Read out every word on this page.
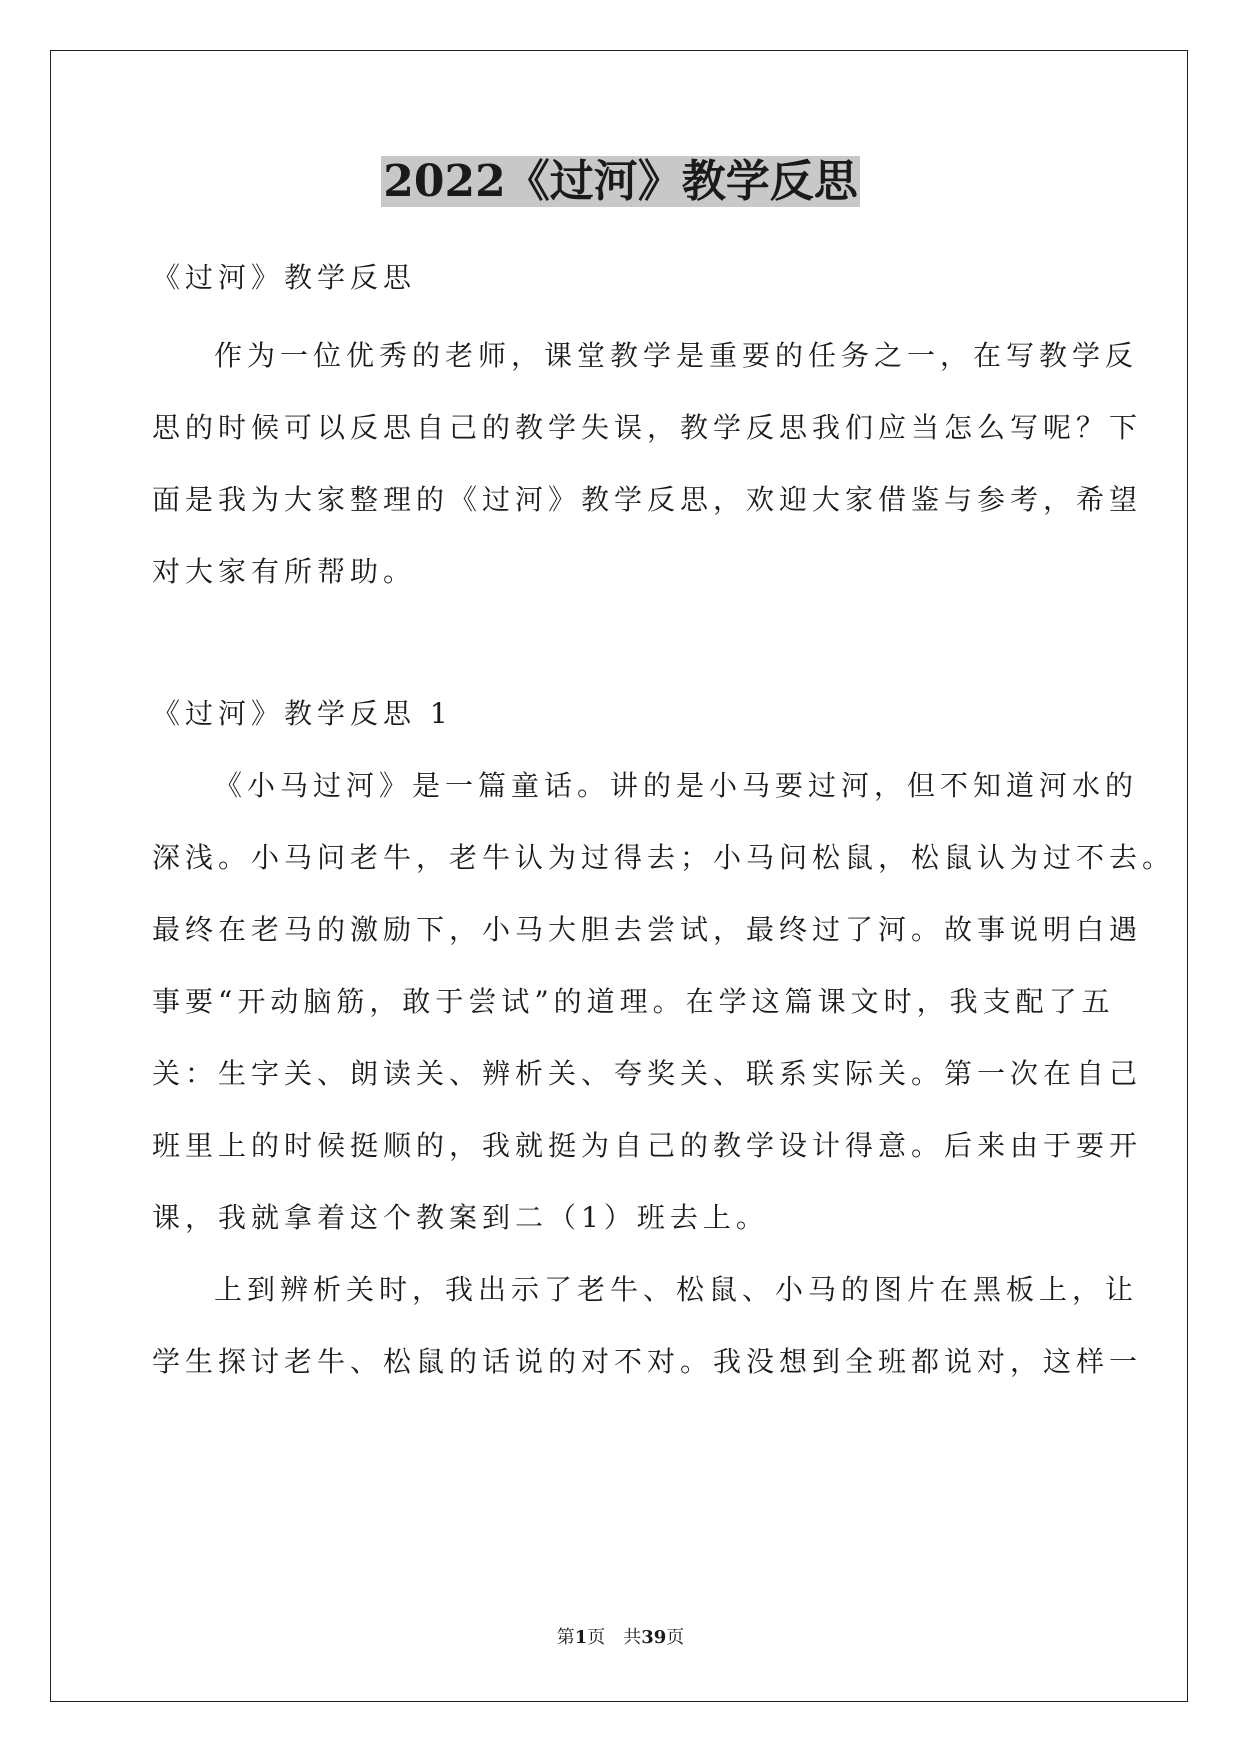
2022《过河》教学反思

《过河》教学反思

作为一位优秀的老师，课堂教学是重要的任务之一，在写教学反

思的时候可以反思自己的教学失误，教学反思我们应当怎么写呢？下

面是我为大家整理的《过河》教学反思，欢迎大家借鉴与参考，希望

对大家有所帮助。

《过河》教学反思 1

《小马过河》是一篇童话。讲的是小马要过河，但不知道河水的

深浅。小马问老牛，老牛认为过得去；小马问松鼠，松鼠认为过不去。

最终在老马的激励下，小马大胆去尝试，最终过了河。故事说明白遇

事要“开动脑筋，敢于尝试”的道理。在学这篇课文时，我支配了五

关：生字关、朗读关、辨析关、夸奖关、联系实际关。第一次在自己

班里上的时候挺顺的，我就挺为自己的教学设计得意。后来由于要开

课，我就拿着这个教案到二（1）班去上。

上到辨析关时，我出示了老牛、松鼠、小马的图片在黑板上，让

学生探讨老牛、松鼠的话说的对不对。我没想到全班都说对，这样一

第1页 共39页
